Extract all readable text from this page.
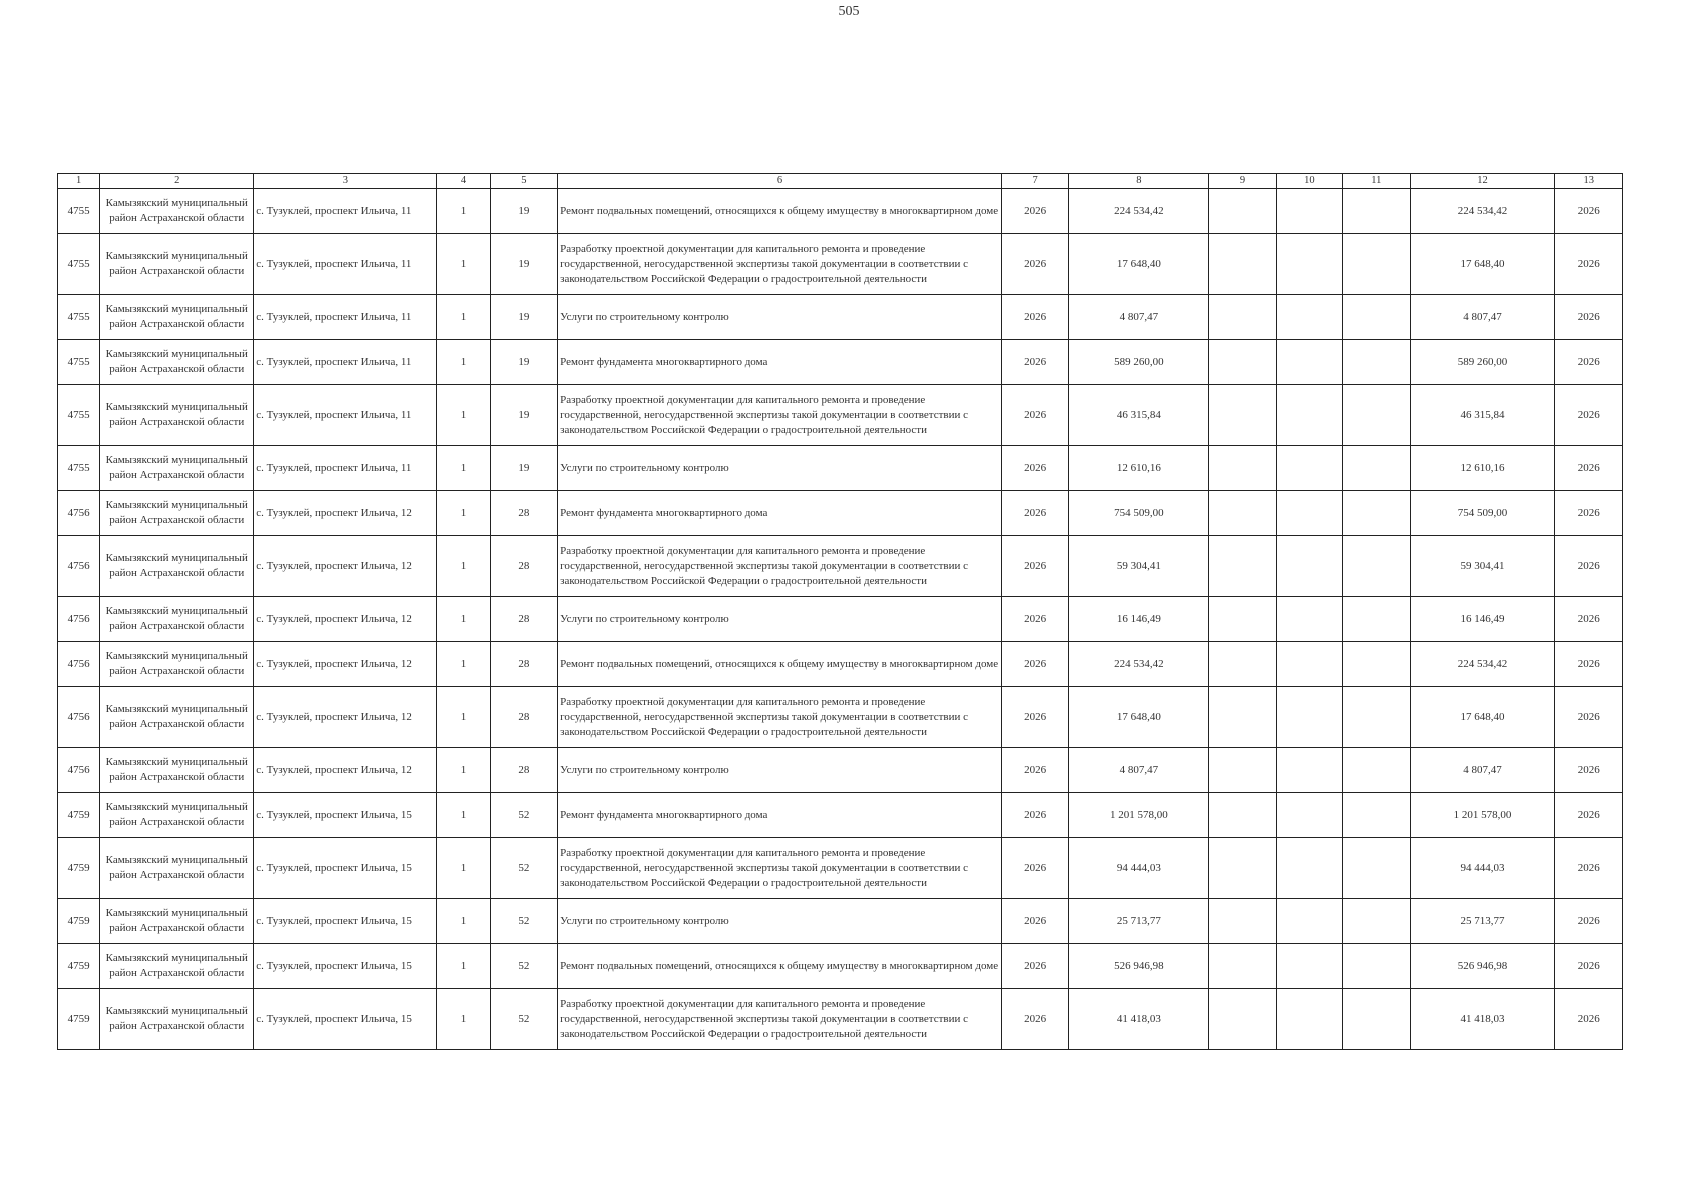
505
1	2	3	4	5	6	7	8	9	10	11	12	13
4755	Камызякский муниципальный район Астраханской области	с. Тузуклей, проспект Ильича, 11	1	19	Ремонт подвальных помещений, относящихся к общему имуществу в многоквартирном доме	2026	224 534,42				224 534,42	2026
4755	Камызякский муниципальный район Астраханской области	с. Тузуклей, проспект Ильича, 11	1	19	Разработку проектной документации для капитального ремонта и проведение государственной, негосударственной экспертизы такой документации в соответствии с законодательством Российской Федерации о градостроительной деятельности	2026	17 648,40				17 648,40	2026
4755	Камызякский муниципальный район Астраханской области	с. Тузуклей, проспект Ильича, 11	1	19	Услуги по строительному контролю	2026	4 807,47				4 807,47	2026
4755	Камызякский муниципальный район Астраханской области	с. Тузуклей, проспект Ильича, 11	1	19	Ремонт фундамента многоквартирного дома	2026	589 260,00				589 260,00	2026
4755	Камызякский муниципальный район Астраханской области	с. Тузуклей, проспект Ильича, 11	1	19	Разработку проектной документации для капитального ремонта и проведение государственной, негосударственной экспертизы такой документации в соответствии с законодательством Российской Федерации о градостроительной деятельности	2026	46 315,84				46 315,84	2026
4755	Камызякский муниципальный район Астраханской области	с. Тузуклей, проспект Ильича, 11	1	19	Услуги по строительному контролю	2026	12 610,16				12 610,16	2026
4756	Камызякский муниципальный район Астраханской области	с. Тузуклей, проспект Ильича, 12	1	28	Ремонт фундамента многоквартирного дома	2026	754 509,00				754 509,00	2026
4756	Камызякский муниципальный район Астраханской области	с. Тузуклей, проспект Ильича, 12	1	28	Разработку проектной документации для капитального ремонта и проведение государственной, негосударственной экспертизы такой документации в соответствии с законодательством Российской Федерации о градостроительной деятельности	2026	59 304,41				59 304,41	2026
4756	Камызякский муниципальный район Астраханской области	с. Тузуклей, проспект Ильича, 12	1	28	Услуги по строительному контролю	2026	16 146,49				16 146,49	2026
4756	Камызякский муниципальный район Астраханской области	с. Тузуклей, проспект Ильича, 12	1	28	Ремонт подвальных помещений, относящихся к общему имуществу в многоквартирном доме	2026	224 534,42				224 534,42	2026
4756	Камызякский муниципальный район Астраханской области	с. Тузуклей, проспект Ильича, 12	1	28	Разработку проектной документации для капитального ремонта и проведение государственной, негосударственной экспертизы такой документации в соответствии с законодательством Российской Федерации о градостроительной деятельности	2026	17 648,40				17 648,40	2026
4756	Камызякский муниципальный район Астраханской области	с. Тузуклей, проспект Ильича, 12	1	28	Услуги по строительному контролю	2026	4 807,47				4 807,47	2026
4759	Камызякский муниципальный район Астраханской области	с. Тузуклей, проспект Ильича, 15	1	52	Ремонт фундамента многоквартирного дома	2026	1 201 578,00				1 201 578,00	2026
4759	Камызякский муниципальный район Астраханской области	с. Тузуклей, проспект Ильича, 15	1	52	Разработку проектной документации для капитального ремонта и проведение государственной, негосударственной экспертизы такой документации в соответствии с законодательством Российской Федерации о градостроительной деятельности	2026	94 444,03				94 444,03	2026
4759	Камызякский муниципальный район Астраханской области	с. Тузуклей, проспект Ильича, 15	1	52	Услуги по строительному контролю	2026	25 713,77				25 713,77	2026
4759	Камызякский муниципальный район Астраханской области	с. Тузуклей, проспект Ильича, 15	1	52	Ремонт подвальных помещений, относящихся к общему имуществу в многоквартирном доме	2026	526 946,98				526 946,98	2026
4759	Камызякский муниципальный район Астраханской области	с. Тузуклей, проспект Ильича, 15	1	52	Разработку проектной документации для капитального ремонта и проведение государственной, негосударственной экспертизы такой документации в соответствии с законодательством Российской Федерации о градостроительной деятельности	2026	41 418,03				41 418,03	2026
